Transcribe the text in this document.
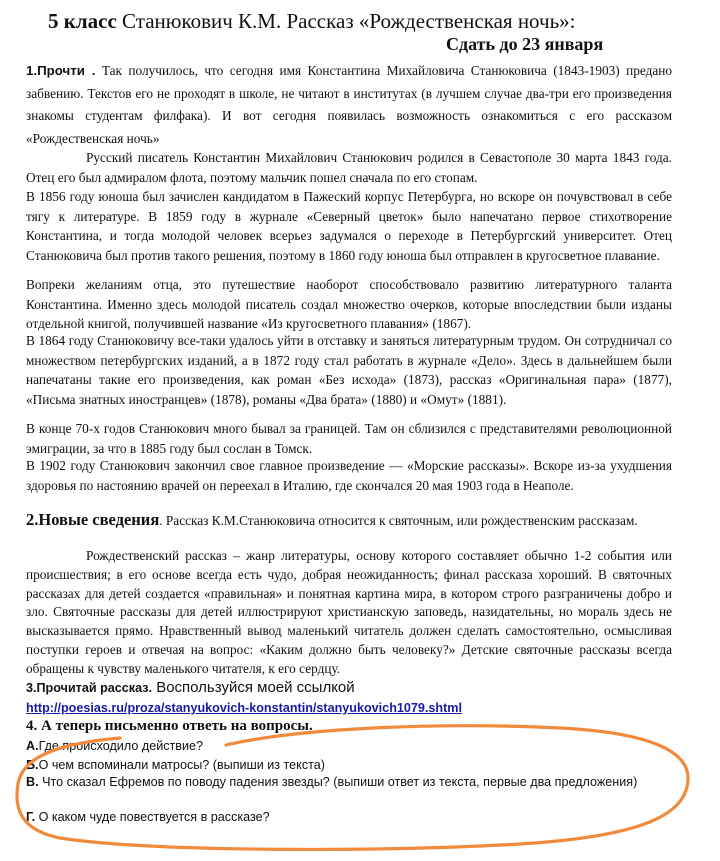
5 класс Станюкович К.М. Рассказ «Рождественская ночь»:
Сдать до 23 января
1.Прочти . Так получилось, что сегодня имя Константина Михайловича Станюковича (1843-1903) предано забвению. Текстов его не проходят в школе, не читают в институтах (в лучшем случае два-три его произведения знакомы студентам филфака). И вот сегодня появилась возможность ознакомиться с его рассказом «Рождественская ночь»
Русский писатель Константин Михайлович Станюкович родился в Севастополе 30 марта 1843 года. Отец его был адмиралом флота, поэтому мальчик пошел сначала по его стопам.
В 1856 году юноша был зачислен кандидатом в Пажеский корпус Петербурга, но вскоре он почувствовал в себе тягу к литературе. В 1859 году в журнале «Северный цветок» было напечатано первое стихотворение Константина, и тогда молодой человек всерьез задумался о переходе в Петербургский университет. Отец Станюковича был против такого решения, поэтому в 1860 году юноша был отправлен в кругосветное плавание.
Вопреки желаниям отца, это путешествие наоборот способствовало развитию литературного таланта Константина. Именно здесь молодой писатель создал множество очерков, которые впоследствии были изданы отдельной книгой, получившей название «Из кругосветного плавания» (1867).
В 1864 году Станюковичу все-таки удалось уйти в отставку и заняться литературным трудом. Он сотрудничал со множеством петербургских изданий, а в 1872 году стал работать в журнале «Дело». Здесь в дальнейшем были напечатаны такие его произведения, как роман «Без исхода» (1873), рассказ «Оригинальная пара» (1877), «Письма знатных иностранцев» (1878), романы «Два брата» (1880) и «Омут» (1881).
В конце 70-х годов Станюкович много бывал за границей. Там он сблизился с представителями революционной эмиграции, за что в 1885 году был сослан в Томск.
В 1902 году Станюкович закончил свое главное произведение — «Морские рассказы». Вскоре из-за ухудшения здоровья по настоянию врачей он переехал в Италию, где скончался 20 мая 1903 года в Неаполе.
2.Новые сведения. Рассказ К.М.Станюковича относится к святочным, или рождественским рассказам.
Рождественский рассказ – жанр литературы, основу которого составляет обычно 1-2 события или происшествия; в его основе всегда есть чудо, добрая неожиданность; финал рассказа хороший. В святочных рассказах для детей создается «правильная» и понятная картина мира, в котором строго разграничены добро и зло. Святочные рассказы для детей иллюстрируют христианскую заповедь, назидательны, но мораль здесь не высказывается прямо. Нравственный вывод маленький читатель должен сделать самостоятельно, осмысливая поступки героев и отвечая на вопрос: «Каким должно быть человеку?» Детские святочные рассказы всегда обращены к чувству маленького читателя, к его сердцу.
3.Прочитай рассказ. Воспользуйся моей ссылкой
http://poesias.ru/proza/stanyukovich-konstantin/stanyukovich1079.shtml
4. А теперь письменно ответь на вопросы.
А.Где происходило действие?
Б.О чем вспоминали матросы? (выпиши из текста)
В. Что сказал Ефремов по поводу падения звезды? (выпиши ответ из текста, первые два предложения)
Г. О каком чуде повествуется в рассказе?
